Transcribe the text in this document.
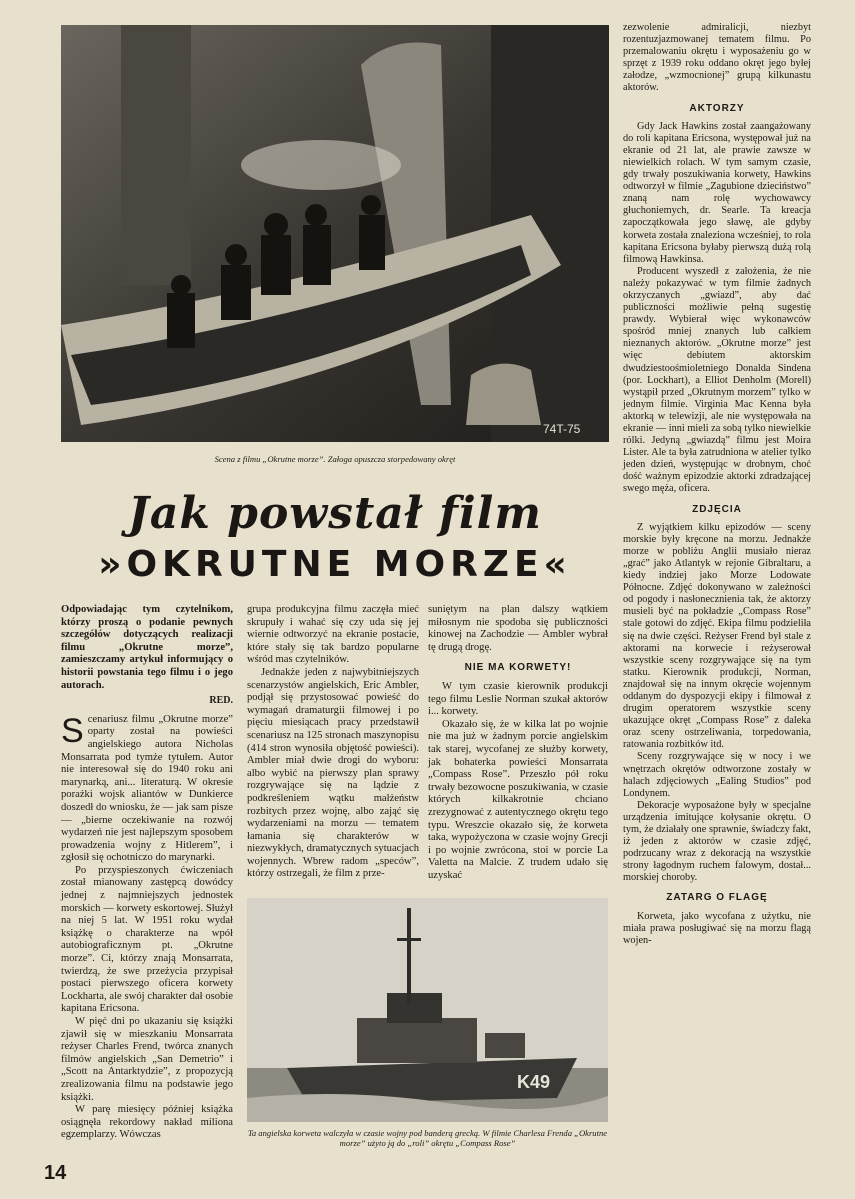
74T-75
Scena z filmu „Okrutne morze”. Załoga opuszcza storpedowany okręt
Jak powstał film
»OKRUTNE MORZE«

Odpowiadając tym czytelnikom, którzy proszą o podanie pewnych szczegółów dotyczących realizacji filmu „Okrutne morze”, zamieszczamy artykuł informujący o historii powstania tego filmu i o jego autorach.

RED.

Scenariusz filmu „Okrutne morze” oparty został na powieści angielskiego autora Nicholas Monsarrata pod tymże tytułem. Autor nie interesował się do 1940 roku ani marynarką, ani... literaturą. W okresie porażki wojsk aliantów w Dunkierce doszedł do wniosku, że — jak sam pisze — „bierne oczekiwanie na rozwój wydarzeń nie jest najlepszym sposobem prowadzenia wojny z Hitlerem”, i zgłosił się ochotniczo do marynarki.

Po przyspieszonych ćwiczeniach został mianowany zastępcą dowódcy jednej z najmniejszych jednostek morskich — korwety eskortowej. Służył na niej 5 lat. W 1951 roku wydał książkę o charakterze na wpół autobiograficznym pt. „Okrutne morze”. Ci, którzy znają Monsarrata, twierdzą, że swe przeżycia przypisał postaci pierwszego oficera korwety Lockharta, ale swój charakter dał osobie kapitana Ericsona.

W pięć dni po ukazaniu się książki zjawił się w mieszkaniu Monsarrata reżyser Charles Frend, twórca znanych filmów angielskich „San Demetrio” i „Scott na Antarktydzie”, z propozycją zrealizowania filmu na podstawie jego książki.

W parę miesięcy później książka osiągnęła rekordowy nakład miliona egzemplarzy. Wówczas

grupa produkcyjna filmu zaczęła mieć skrupuły i wahać się czy uda się jej wiernie odtworzyć na ekranie postacie, które stały się tak bardzo popularne wśród mas czytelników.

Jednakże jeden z najwybitniejszych scenarzystów angielskich, Eric Ambler, podjął się przystosować powieść do wymagań dramaturgii filmowej i po pięciu miesiącach pracy przedstawił scenariusz na 125 stronach maszynopisu (414 stron wynosiła objętość powieści). Ambler miał dwie drogi do wyboru: albo wybić na pierwszy plan sprawy rozgrywające się na lądzie z podkreśleniem wątku małżeństw rozbitych przez wojnę, albo zająć się wydarzeniami na morzu — tematem łamania się charakterów w niezwykłych, dramatycznych sytuacjach wojennych. Wbrew radom „speców”, którzy ostrzegali, że film z prze-

suniętym na plan dalszy wątkiem miłosnym nie spodoba się publiczności kinowej na Zachodzie — Ambler wybrał tę drugą drogę.

NIE MA KORWETY!

W tym czasie kierownik produkcji tego filmu Leslie Norman szukał aktorów i... korwety.

Okazało się, że w kilka lat po wojnie nie ma już w żadnym porcie angielskim tak starej, wycofanej ze służby korwety, jak bohaterka powieści Monsarrata „Compass Rose”. Przeszło pół roku trwały bezowocne poszukiwania, w czasie których kilkakrotnie chciano zrezygnować z autentycznego okrętu tego typu. Wreszcie okazało się, że korweta taka, wypożyczona w czasie wojny Grecji i po wojnie zwrócona, stoi w porcie La Valetta na Malcie. Z trudem udało się uzyskać

K49
Ta angielska korweta walczyła w czasie wojny pod banderą grecką. W filmie Charlesa Frenda „Okrutne morze” użyto ją do „roli” okrętu „Compass Rose”

zezwolenie admiralicji, niezbyt rozentuzjazmowanej tematem filmu. Po przemalowaniu okrętu i wyposażeniu go w sprzęt z 1939 roku oddano okręt jego byłej załodze, „wzmocnionej” grupą kilkunastu aktorów.

AKTORZY

Gdy Jack Hawkins został zaangażowany do roli kapitana Ericsona, występował już na ekranie od 21 lat, ale prawie zawsze w niewielkich rolach. W tym samym czasie, gdy trwały poszukiwania korwety, Hawkins odtworzył w filmie „Zagubione dzieciństwo” znaną nam rolę wychowawcy głuchoniemych, dr. Searle. Ta kreacja zapoczątkowała jego sławę, ale gdyby korweta została znaleziona wcześniej, to rola kapitana Ericsona byłaby pierwszą dużą rolą filmową Hawkinsa.

Producent wyszedł z założenia, że nie należy pokazywać w tym filmie żadnych okrzyczanych „gwiazd”, aby dać publiczności możliwie pełną sugestię prawdy. Wybierał więc wykonawców spośród mniej znanych lub całkiem nieznanych aktorów. „Okrutne morze” jest więc debiutem aktorskim dwudziestoośmioletniego Donalda Sindena (por. Lockhart), a Elliot Denholm (Morell) wystąpił przed „Okrutnym morzem” tylko w jednym filmie. Virginia Mac Kenna była aktorką w telewizji, ale nie występowała na ekranie — inni mieli za sobą tylko niewielkie rólki. Jedyną „gwiazdą” filmu jest Moira Lister. Ale ta była zatrudniona w atelier tylko jeden dzień, występując w drobnym, choć dość ważnym epizodzie aktorki zdradzającej swego męża, oficera.

ZDJĘCIA

Z wyjątkiem kilku epizodów — sceny morskie były kręcone na morzu. Jednakże morze w pobliżu Anglii musiało nieraz „grać” jako Atlantyk w rejonie Gibraltaru, a kiedy indziej jako Morze Lodowate Północne. Zdjęć dokonywano w zależności od pogody i nasłonecznienia tak, że aktorzy musieli być na pokładzie „Compass Rose” stale gotowi do zdjęć. Ekipa filmu podzieliła się na dwie części. Reżyser Frend był stale z aktorami na korwecie i reżyserował wszystkie sceny rozgrywające się na tym statku. Kierownik produkcji, Norman, znajdował się na innym okręcie wojennym oddanym do dyspozycji ekipy i filmował z drugim operatorem wszystkie sceny ukazujące okręt „Compass Rose” z daleka oraz sceny ostrzeliwania, torpedowania, ratowania rozbitków itd.

Sceny rozgrywające się w nocy i we wnętrzach okrętów odtworzone zostały w halach zdjęciowych „Ealing Studios” pod Londynem.

Dekoracje wyposażone były w specjalne urządzenia imitujące kołysanie okrętu. O tym, że działały one sprawnie, świadczy fakt, iż jeden z aktorów w czasie zdjęć, podrzucany wraz z dekoracją na wszystkie strony łagodnym ruchem falowym, dostał... morskiej choroby.

ZATARG O FLAGĘ

Korweta, jako wycofana z użytku, nie miała prawa posługiwać się na morzu flagą wojen-

14
